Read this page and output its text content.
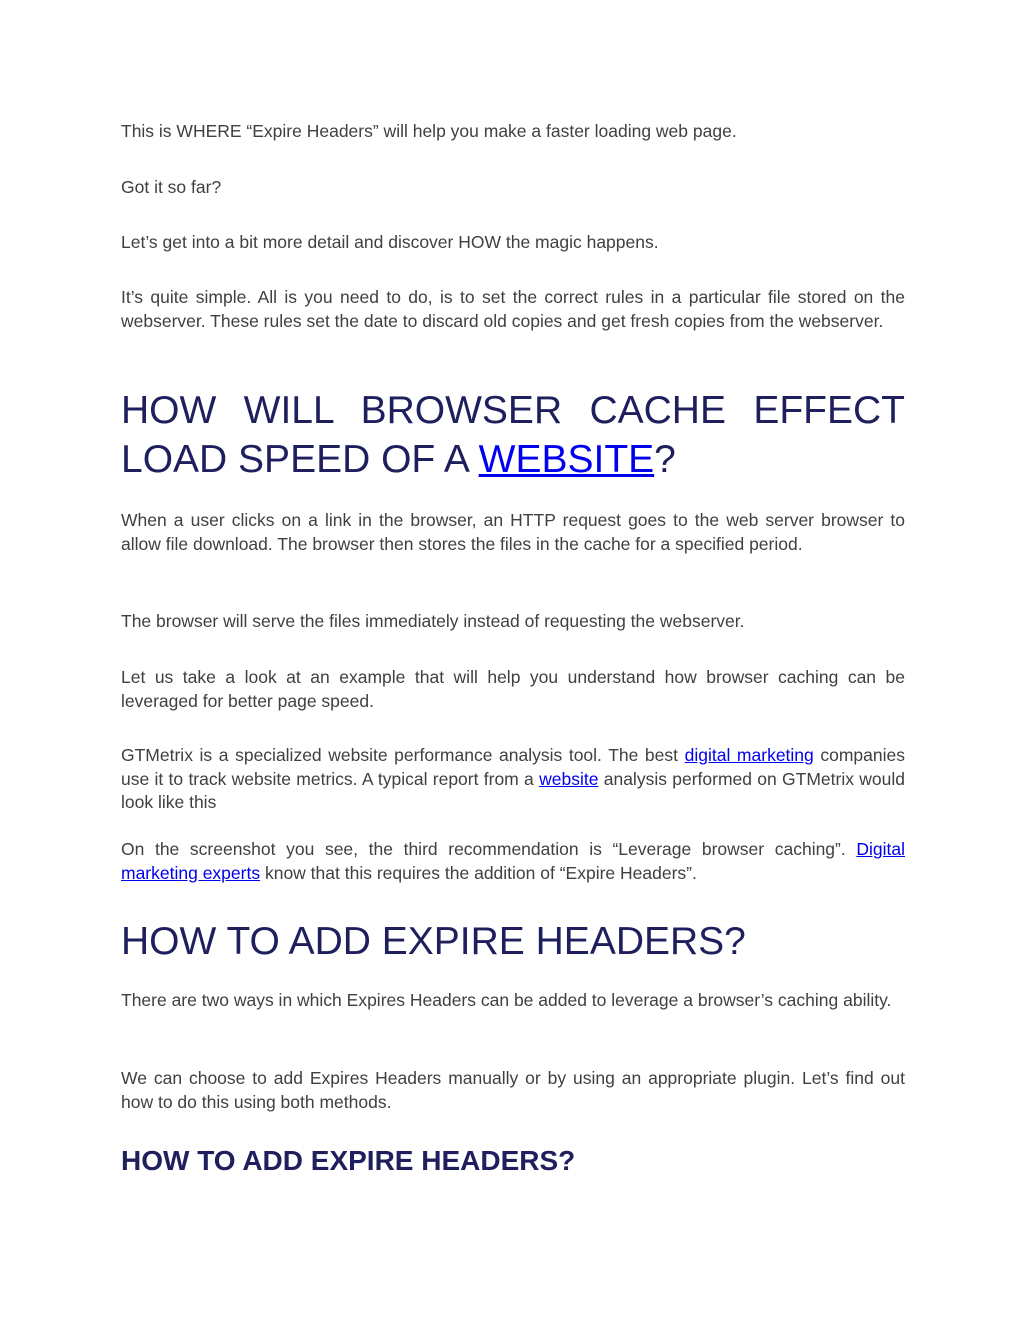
This is WHERE “Expire Headers” will help you make a faster loading web page.

Got it so far?

Let’s get into a bit more detail and discover HOW the magic happens.

It’s quite simple. All is you need to do, is to set the correct rules in a particular file stored on the webserver. These rules set the date to discard old copies and get fresh copies from the webserver.

HOW WILL BROWSER CACHE EFFECT LOAD SPEED OF A WEBSITE?

When a user clicks on a link in the browser, an HTTP request goes to the web server browser to allow file download. The browser then stores the files in the cache for a specified period.

The browser will serve the files immediately instead of requesting the webserver.

Let us take a look at an example that will help you understand how browser caching can be leveraged for better page speed.

GTMetrix is a specialized website performance analysis tool. The best digital marketing companies use it to track website metrics. A typical report from a website analysis performed on GTMetrix would look like this

On the screenshot you see, the third recommendation is “Leverage browser caching”. Digital marketing experts know that this requires the addition of “Expire Headers”.

HOW TO ADD EXPIRE HEADERS?

There are two ways in which Expires Headers can be added to leverage a browser’s caching ability.

We can choose to add Expires Headers manually or by using an appropriate plugin. Let’s find out how to do this using both methods.

HOW TO ADD EXPIRE HEADERS?
